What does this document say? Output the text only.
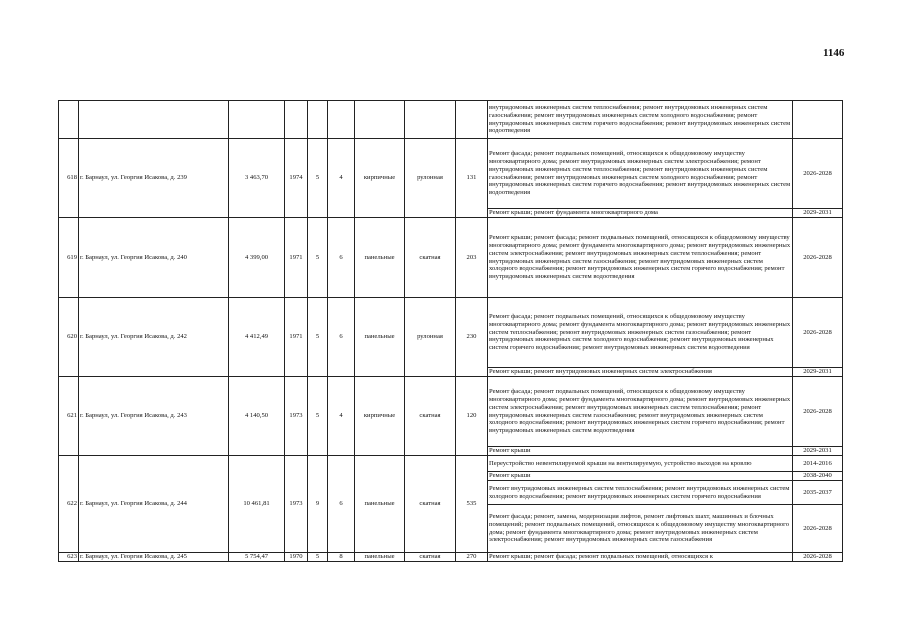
1146
									внутридомовых инженерных систем теплоснабжения; ремонт внутридомовых инженерных систем газоснабжения; ремонт внутридомовых инженерных систем холодного водоснабжения; ремонт внутридомовых инженерных систем горячего водоснабжения; ремонт внутридомовых инженерных систем водоотведения	
618	г. Барнаул, ул. Георгия Исакова, д. 239	3 463,70	1974	5	4	кирпичные	рулонная	131	Ремонт фасада; ремонт подвальных помещений, относящихся к общедомовому имуществу многоквартирного дома; ремонт внутридомовых инженерных систем электроснабжения; ремонт внутридомовых инженерных систем теплоснабжения; ремонт внутридомовых инженерных систем газоснабжения; ремонт внутридомовых инженерных систем холодного водоснабжения; ремонт внутридомовых инженерных систем горячего водоснабжения; ремонт внутридомовых инженерных систем водоотведения	2026-2028
									Ремонт крыши; ремонт фундамента многоквартирного дома	2029-2031
619	г. Барнаул, ул. Георгия Исакова, д. 240	4 399,00	1971	5	6	панельные	скатная	203	Ремонт крыши; ремонт фасада; ремонт подвальных помещений, относящихся к общедомовому имуществу многоквартирного дома; ремонт фундамента многоквартирного дома; ремонт внутридомовых инженерных систем электроснабжения; ремонт внутридомовых инженерных систем теплоснабжения; ремонт внутридомовых инженерных систем газоснабжения; ремонт внутридомовых инженерных систем холодного водоснабжения; ремонт внутридомовых инженерных систем горячего водоснабжения; ремонт внутридомовых инженерных систем водоотведения	2026-2028
620	г. Барнаул, ул. Георгия Исакова, д. 242	4 412,49	1971	5	6	панельные	рулонная	230	Ремонт фасада; ремонт подвальных помещений, относящихся к общедомовому имуществу многоквартирного дома; ремонт фундамента многоквартирного дома; ремонт внутридомовых инженерных систем теплоснабжения; ремонт внутридомовых инженерных систем газоснабжения; ремонт внутридомовых инженерных систем холодного водоснабжения; ремонт внутридомовых инженерных систем горячего водоснабжения; ремонт внутридомовых инженерных систем водоотведения	2026-2028
									Ремонт крыши; ремонт внутридомовых инженерных систем электроснабжения	2029-2031
621	г. Барнаул, ул. Георгия Исакова, д. 243	4 140,50	1973	5	4	кирпичные	скатная	120	Ремонт фасада; ремонт подвальных помещений, относящихся к общедомовому имуществу многоквартирного дома; ремонт фундамента многоквартирного дома; ремонт внутридомовых инженерных систем электроснабжения; ремонт внутридомовых инженерных систем теплоснабжения; ремонт внутридомовых инженерных систем газоснабжения; ремонт внутридомовых инженерных систем холодного водоснабжения; ремонт внутридомовых инженерных систем горячего водоснабжения; ремонт внутридомовых инженерных систем водоотведения	2026-2028
									Ремонт крыши	2029-2031
622	г. Барнаул, ул. Георгия Исакова, д. 244	10 461,81	1973	9	6	панельные	скатная	535	Переустройство невентилируемой крыши на вентилируемую, устройство выходов на кровлю	2014-2016
									Ремонт крыши	2038-2040
									Ремонт внутридомовых инженерных систем теплоснабжения; ремонт внутридомовых инженерных систем холодного водоснабжения; ремонт внутридомовых инженерных систем горячего водоснабжения	2035-2037
									Ремонт фасада; ремонт, замена, модернизация лифтов, ремонт лифтовых шахт, машинных и блочных помещений; ремонт подвальных помещений, относящихся к общедомовому имуществу многоквартирного дома; ремонт фундамента многоквартирного дома; ремонт внутридомовых инженерных систем электроснабжения; ремонт внутридомовых инженерных систем газоснабжения	2026-2028
623	г. Барнаул, ул. Георгия Исакова, д. 245	5 754,47	1970	5	8	панельные	скатная	270	Ремонт крыши; ремонт фасада; ремонт подвальных помещений, относящихся к	2026-2028
